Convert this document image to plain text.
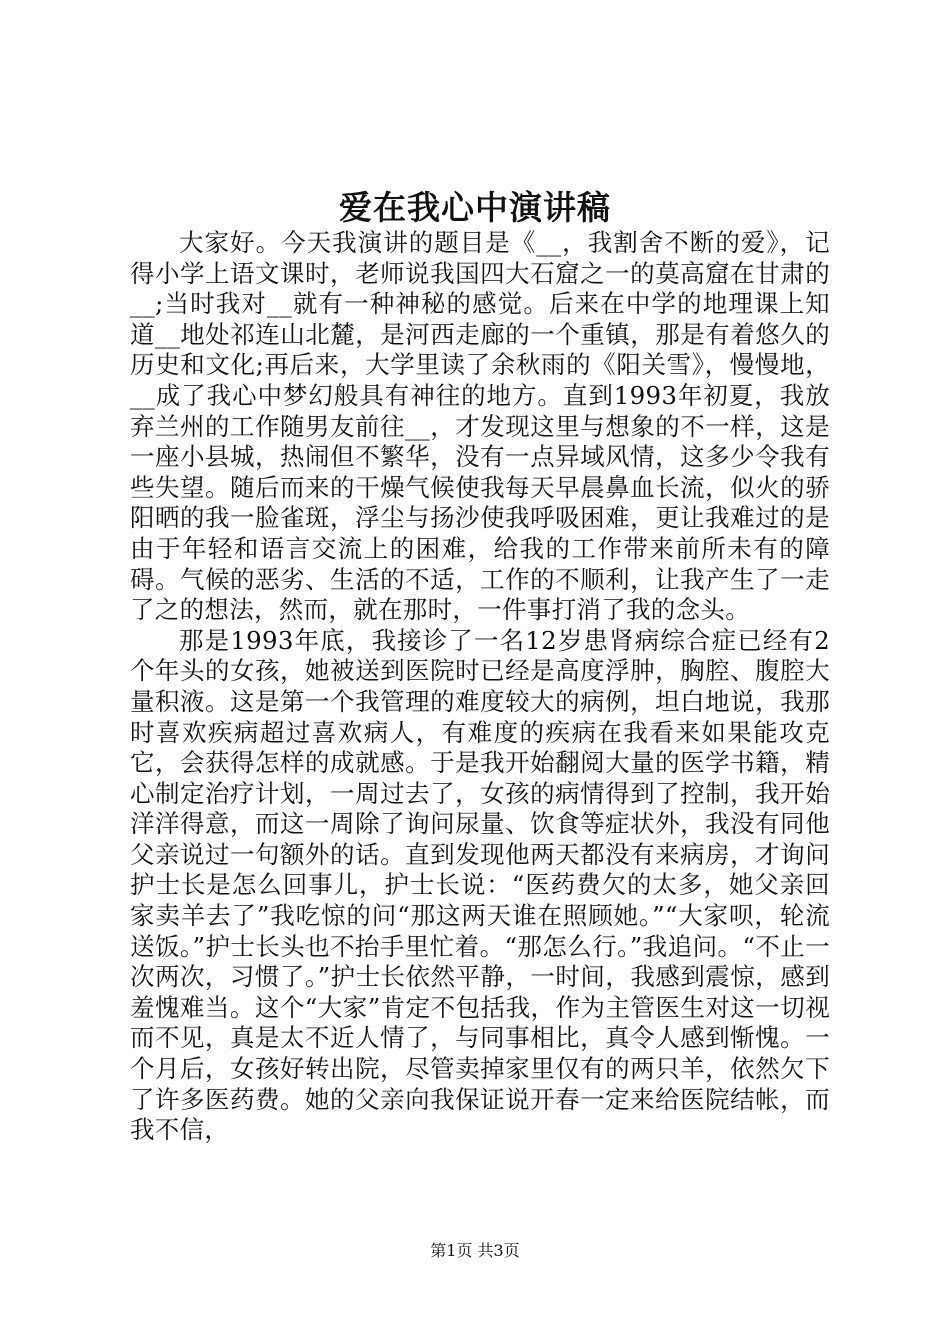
爱在我心中演讲稿

大家好。今天我演讲的题目是《__，我割舍不断的爱》，记得小学上语文课时，老师说我国四大石窟之一的莫高窟在甘肃的__;当时我对__就有一种神秘的感觉。后来在中学的地理课上知道__地处祁连山北麓，是河西走廊的一个重镇，那是有着悠久的历史和文化;再后来，大学里读了余秋雨的《阳关雪》，慢慢地，__成了我心中梦幻般具有神往的地方。直到1993年初夏，我放弃兰州的工作随男友前往__，才发现这里与想象的不一样，这是一座小县城，热闹但不繁华，没有一点异域风情，这多少令我有些失望。随后而来的干燥气候使我每天早晨鼻血长流，似火的骄阳晒的我一脸雀斑，浮尘与扬沙使我呼吸困难，更让我难过的是由于年轻和语言交流上的困难，给我的工作带来前所未有的障碍。气候的恶劣、生活的不适，工作的不顺利，让我产生了一走了之的想法，然而，就在那时，一件事打消了我的念头。

那是1993年底，我接诊了一名12岁患肾病综合症已经有2个年头的女孩，她被送到医院时已经是高度浮肿，胸腔、腹腔大量积液。这是第一个我管理的难度较大的病例，坦白地说，我那时喜欢疾病超过喜欢病人，有难度的疾病在我看来如果能攻克它，会获得怎样的成就感。于是我开始翻阅大量的医学书籍，精心制定治疗计划，一周过去了，女孩的病情得到了控制，我开始洋洋得意，而这一周除了询问尿量、饮食等症状外，我没有同他父亲说过一句额外的话。直到发现他两天都没有来病房，才询问护士长是怎么回事儿，护士长说：“医药费欠的太多，她父亲回家卖羊去了”我吃惊的问“那这两天谁在照顾她。”“大家呗，轮流送饭。”护士长头也不抬手里忙着。“那怎么行。”我追问。“不止一次两次，习惯了。”护士长依然平静，一时间，我感到震惊，感到羞愧难当。这个“大家”肯定不包括我，作为主管医生对这一切视而不见，真是太不近人情了，与同事相比，真令人感到惭愧。一个月后，女孩好转出院，尽管卖掉家里仅有的两只羊，依然欠下了许多医药费。她的父亲向我保证说开春一定来给医院结帐，而我不信，

第1页 共3页
